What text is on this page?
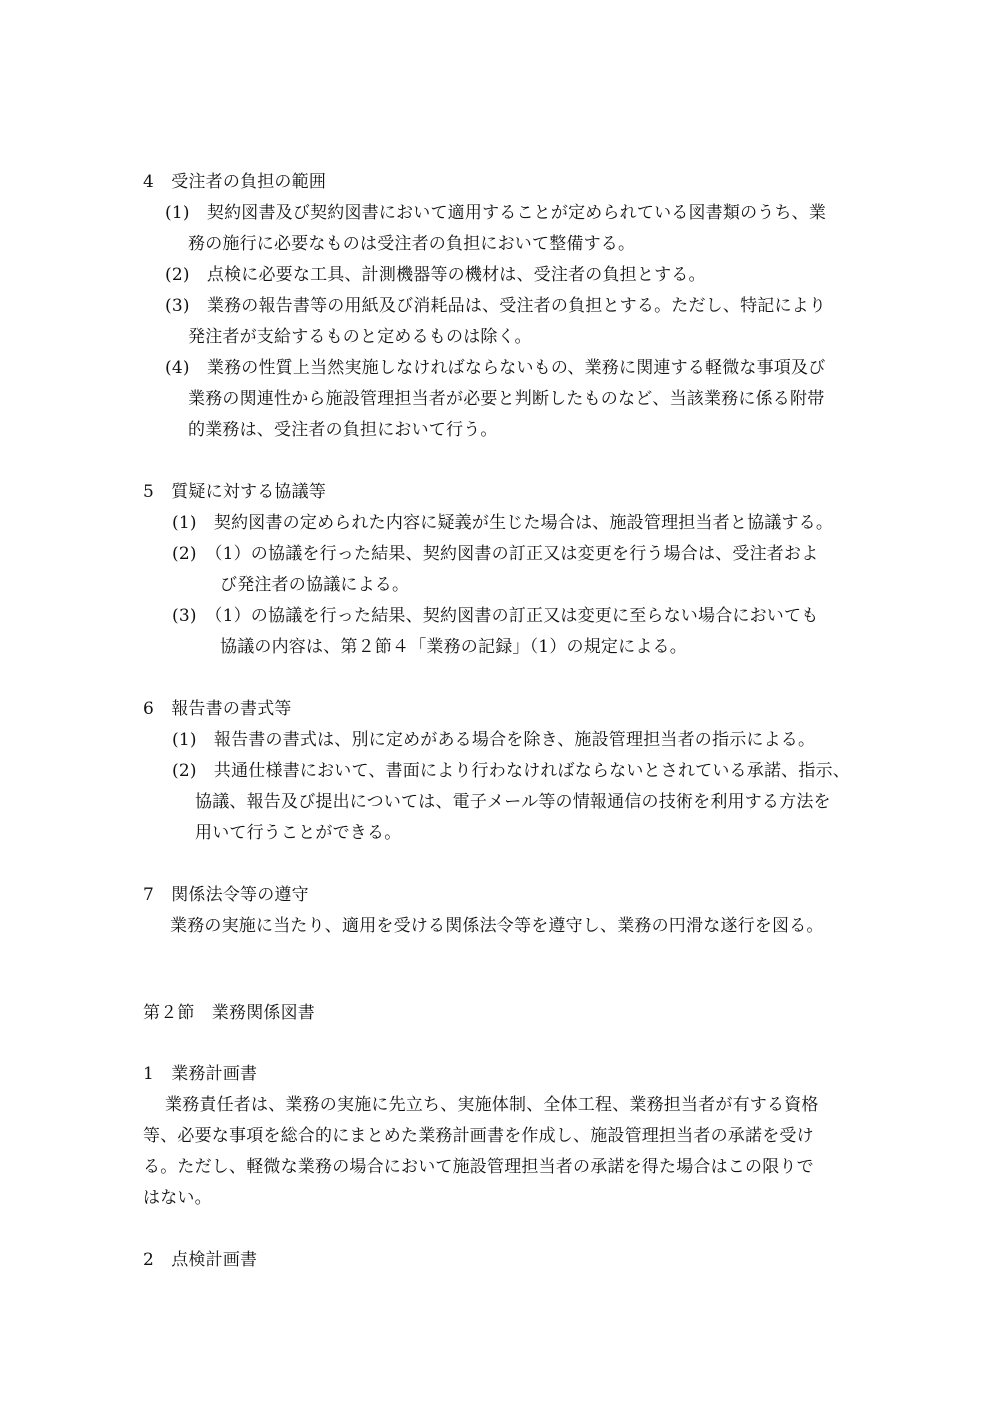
4　受注者の負担の範囲
(1)　契約図書及び契約図書において適用することが定められている図書類のうち、業
務の施行に必要なものは受注者の負担において整備する。
(2)　点検に必要な工具、計測機器等の機材は、受注者の負担とする。
(3)　業務の報告書等の用紙及び消耗品は、受注者の負担とする。ただし、特記により
発注者が支給するものと定めるものは除く。
(4)　業務の性質上当然実施しなければならないもの、業務に関連する軽微な事項及び
業務の関連性から施設管理担当者が必要と判断したものなど、当該業務に係る附帯
的業務は、受注者の負担において行う。
5　質疑に対する協議等
(1)　契約図書の定められた内容に疑義が生じた場合は、施設管理担当者と協議する。
(2)　（1）の協議を行った結果、契約図書の訂正又は変更を行う場合は、受注者およ
び発注者の協議による。
(3)　（1）の協議を行った結果、契約図書の訂正又は変更に至らない場合においても
協議の内容は、第２節４「業務の記録」（1）の規定による。
6　報告書の書式等
(1)　報告書の書式は、別に定めがある場合を除き、施設管理担当者の指示による。
(2)　共通仕様書において、書面により行わなければならないとされている承諾、指示、
協議、報告及び提出については、電子メール等の情報通信の技術を利用する方法を
用いて行うことができる。
7　関係法令等の遵守
業務の実施に当たり、適用を受ける関係法令等を遵守し、業務の円滑な遂行を図る。
第２節　業務関係図書
1　業務計画書
業務責任者は、業務の実施に先立ち、実施体制、全体工程、業務担当者が有する資格
等、必要な事項を総合的にまとめた業務計画書を作成し、施設管理担当者の承諾を受け
る。ただし、軽微な業務の場合において施設管理担当者の承諾を得た場合はこの限りで
はない。
2　点検計画書
